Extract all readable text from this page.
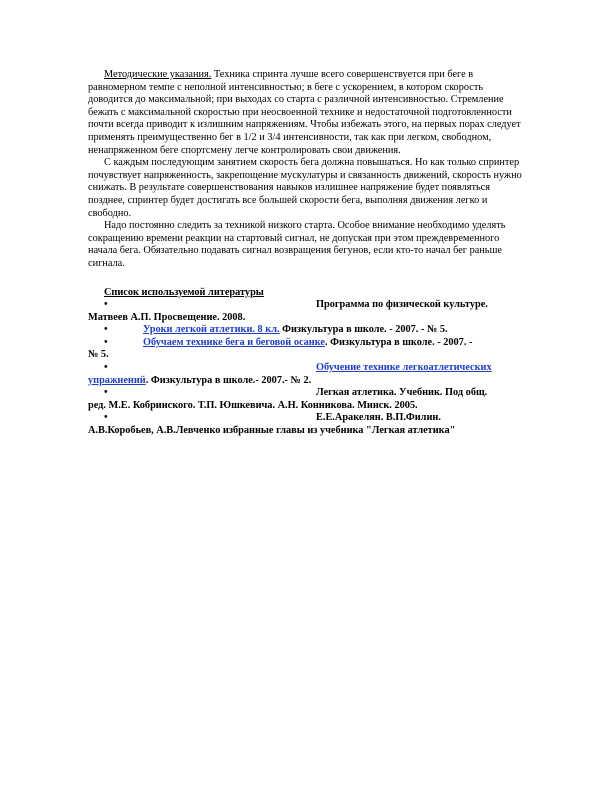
Методические указания. Техника спринта лучше всего совершенствуется при беге в равномерном темпе с неполной интенсивностью; в беге с ускорением, в котором скорость доводится до максимальной; при выходах со старта с различной интенсивностью. Стремление бежать с максимальной скоростью при неосвоенной технике и недостаточной подготовленности почти всегда приводит к излишним напряжениям. Чтобы избежать этого, на первых порах следует применять преимущественно бег в 1/2 и 3/4 интенсивности, так как при легком, свободном, ненапряженном беге спортсмену легче контролировать свои движения.

С каждым последующим занятием скорость бега должна повышаться. Но как только спринтер почувствует напряженность, закрепощение мускулатуры и связанность движений, скорость нужно снижать. В результате совершенствования навыков излишнее напряжение будет появляться позднее, спринтер будет достигать все большей скорости бега, выполняя движения легко и свободно.

Надо постоянно следить за техникой низкого старта. Особое внимание необходимо уделять сокращению времени реакции на стартовый сигнал, не допуская при этом преждевременного начала бега. Обязательно подавать сигнал возвращения бегунов, если кто-то начал бег раньше сигнала.

Список используемой литературы

•	Программа по физической культуре.

Матвеев А.П. Просвещение. 2008.

•	Уроки легкой атлетики. 8 кл. Физкультура в школе. - 2007. - № 5.
•	Обучаем технике бега и беговой осанке. Физкультура в школе. - 2007. -

№ 5.

•	Обучение технике легкоатлетических

упражнений. Физкультура в школе.- 2007.- № 2.

•	Легкая атлетика. Учебник. Под общ.

ред. М.Е. Кобринского. Т.П. Юшкевича. А.Н. Конникова. Минск. 2005.

•	Е.Е.Аракелян. В.П.Филин.

А.В.Коробьев, А.В.Левченко избранные главы из учебника "Легкая атлетика"
